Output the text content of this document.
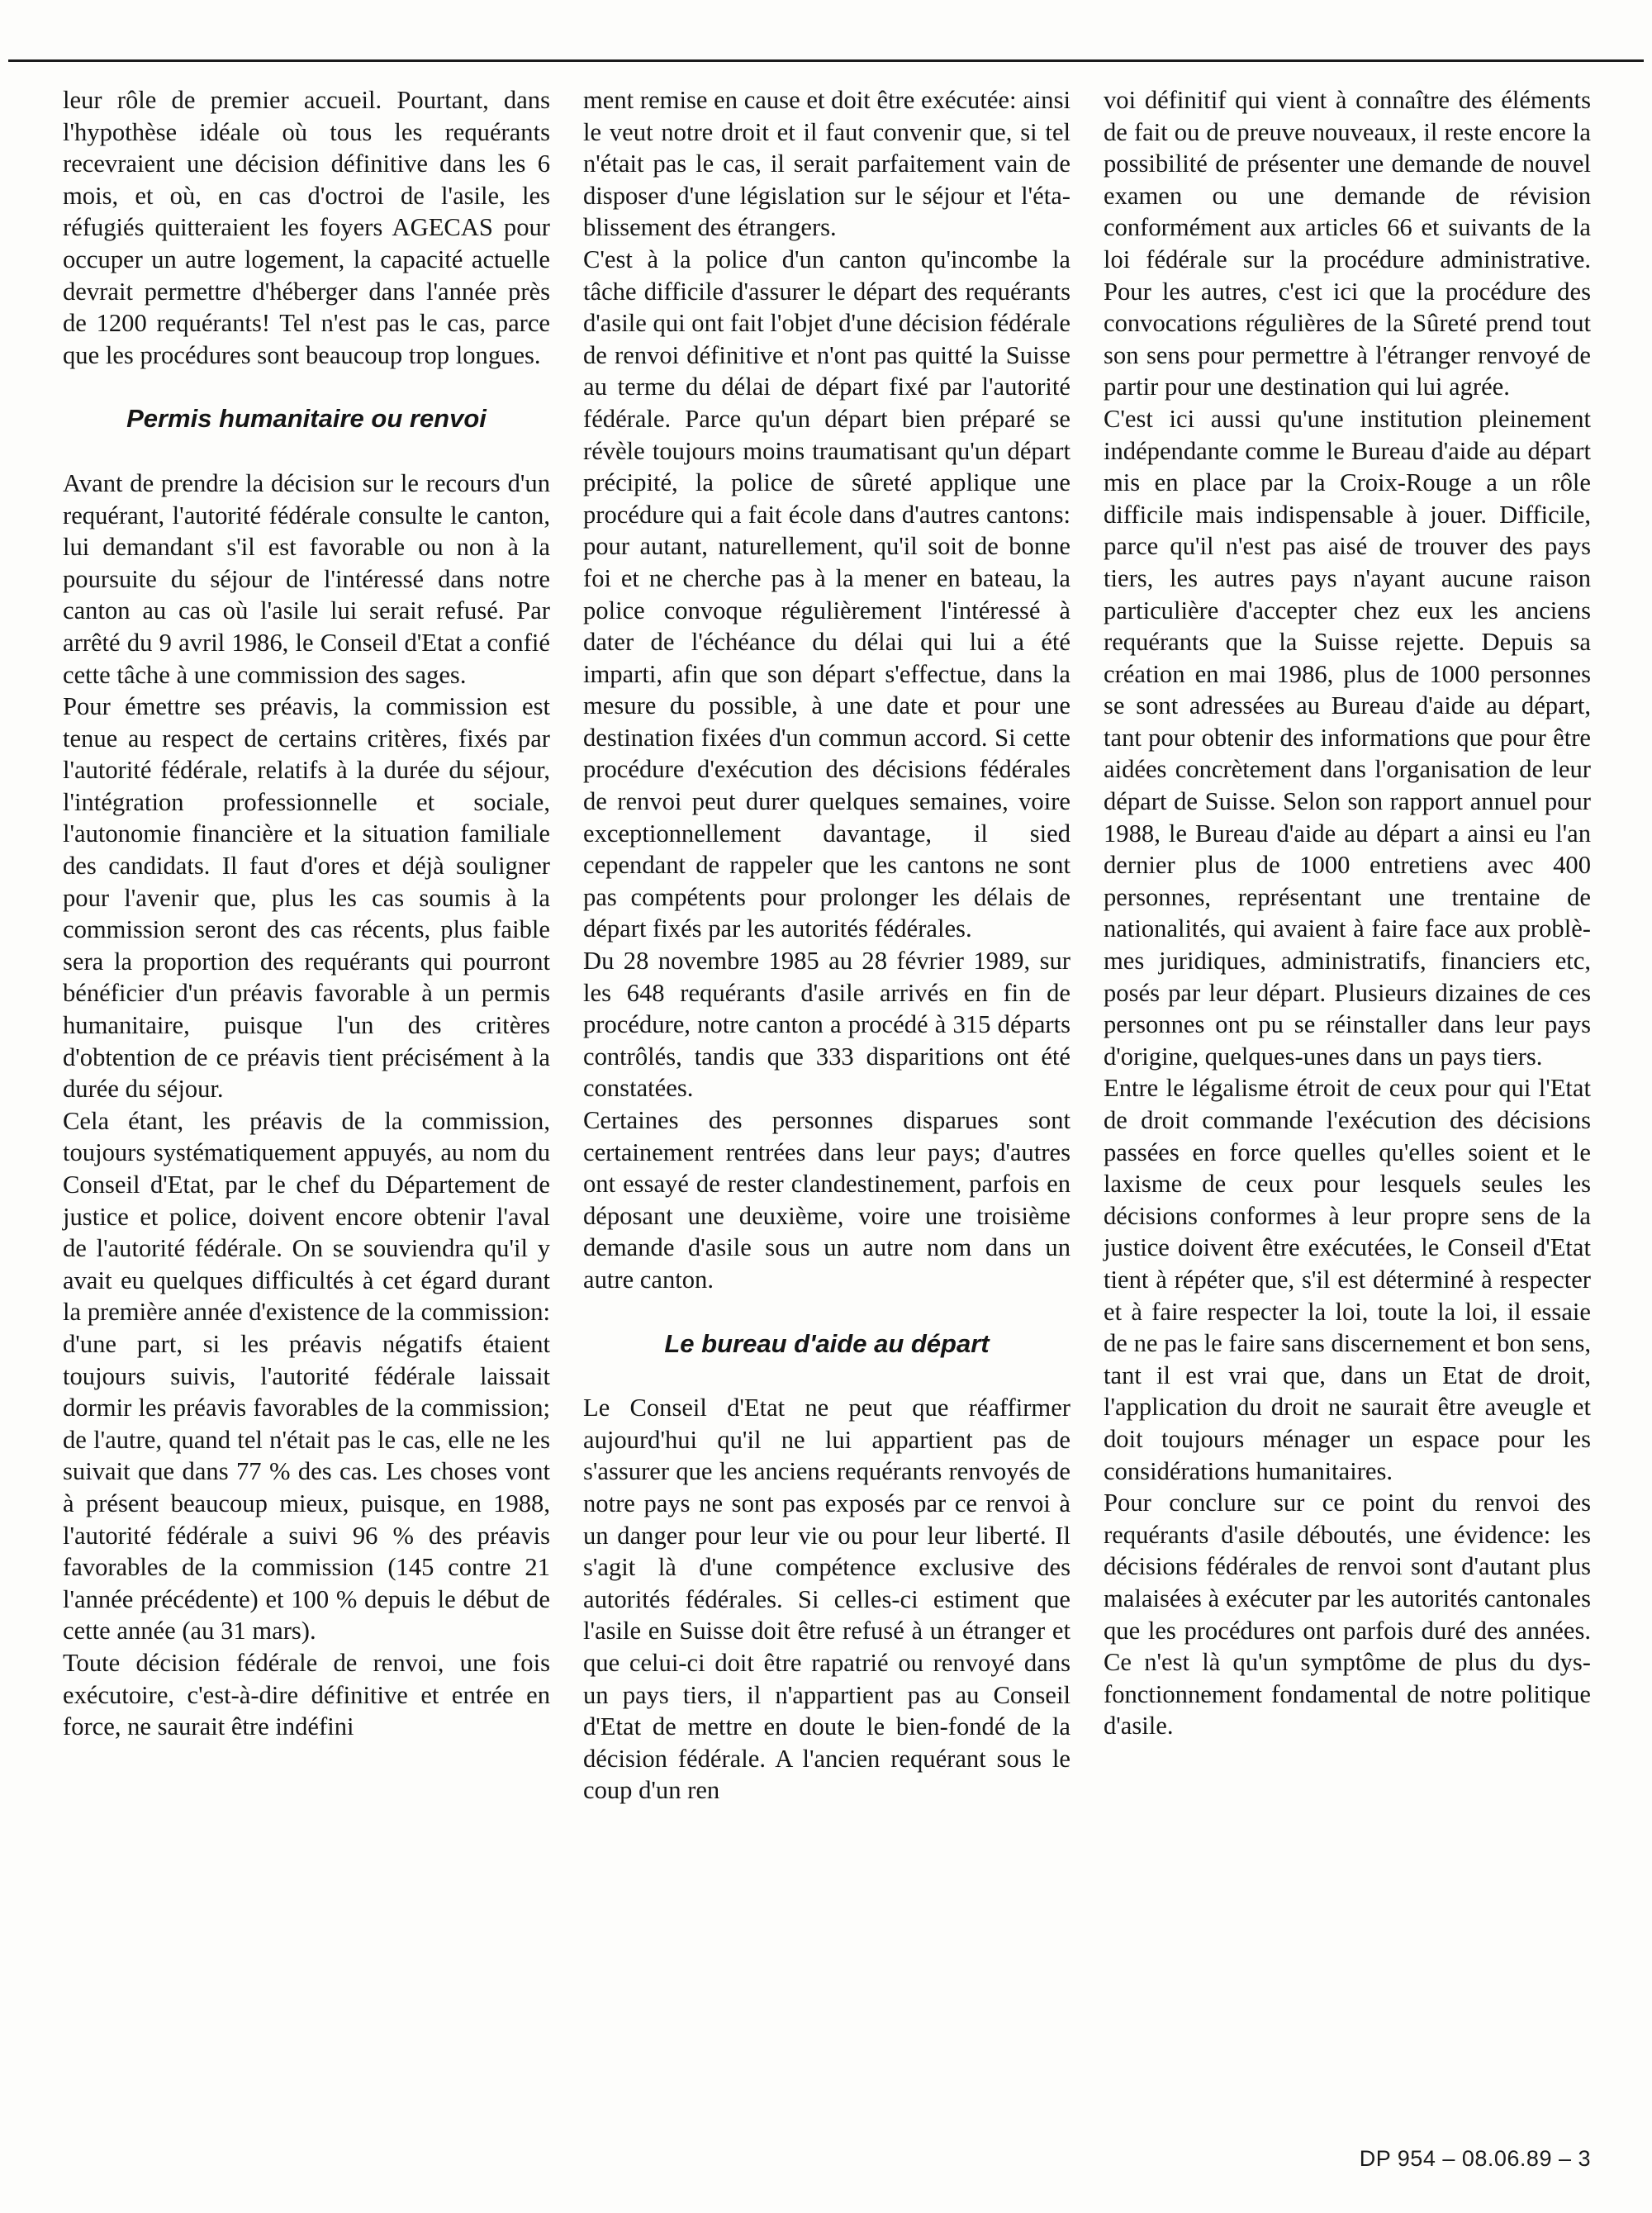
leur rôle de premier accueil. Pourtant, dans l'hypothèse idéale où tous les requérants recevraient une décision définitive dans les 6 mois, et où, en cas d'octroi de l'asile, les réfugiés quitteraient les foyers AGECAS pour occuper un autre logement, la capacité actuelle devrait permettre d'héberger dans l'année près de 1200 requérants! Tel n'est pas le cas, parce que les procédures sont beaucoup trop longues.

Permis humanitaire ou renvoi

Avant de prendre la décision sur le recours d'un requérant, l'autorité fédérale consulte le canton, lui demandant s'il est favorable ou non à la poursuite du séjour de l'intéressé dans notre canton au cas où l'asile lui serait refusé. Par arrêté du 9 avril 1986, le Conseil d'Etat a confié cette tâche à une commission des sages.

Pour émettre ses préavis, la commission est tenue au respect de certains critères, fixés par l'autorité fédérale, relatifs à la durée du séjour, l'intégration professionnelle et sociale, l'autonomie financière et la situation familiale des candidats. Il faut d'ores et déjà souligner pour l'avenir que, plus les cas soumis à la commission seront des cas récents, plus faible sera la proportion des requérants qui pourront bénéficier d'un préavis favorable à un permis humanitaire, puisque l'un des critères d'obtention de ce préavis tient précisément à la durée du séjour.

Cela étant, les préavis de la commission, toujours systématiquement appuyés, au nom du Conseil d'Etat, par le chef du Département de justice et police, doivent encore obtenir l'aval de l'autorité fédérale. On se souviendra qu'il y avait eu quelques difficultés à cet égard durant la première année d'existence de la commission: d'une part, si les préavis négatifs étaient toujours suivis, l'autorité fédérale laissait dormir les préavis favorables de la commission; de l'autre, quand tel n'était pas le cas, elle ne les suivait que dans 77 % des cas. Les choses vont à présent beaucoup mieux, puisque, en 1988, l'autorité fédérale a suivi 96 % des préavis favorables de la commission (145 contre 21 l'année précédente) et 100 % depuis le début de cette année (au 31 mars).

Toute décision fédérale de renvoi, une fois exécutoire, c'est-à-dire définitive et entrée en force, ne saurait être indéfini

ment remise en cause et doit être exécutée: ainsi le veut notre droit et il faut convenir que, si tel n'était pas le cas, il serait parfaitement vain de disposer d'une législation sur le séjour et l'établissement des étrangers.

C'est à la police d'un canton qu'incombe la tâche difficile d'assurer le départ des requérants d'asile qui ont fait l'objet d'une décision fédérale de renvoi définitive et n'ont pas quitté la Suisse au terme du délai de départ fixé par l'autorité fédérale. Parce qu'un départ bien préparé se révèle toujours moins traumatisant qu'un départ précipité, la police de sûreté applique une procédure qui a fait école dans d'autres cantons: pour autant, naturellement, qu'il soit de bonne foi et ne cherche pas à la mener en bateau, la police convoque régulièrement l'intéressé à dater de l'échéance du délai qui lui a été imparti, afin que son départ s'effectue, dans la mesure du possible, à une date et pour une destination fixées d'un commun accord. Si cette procédure d'exécution des décisions fédérales de renvoi peut durer quelques semaines, voire exceptionnellement davantage, il sied cependant de rappeler que les cantons ne sont pas compétents pour prolonger les délais de départ fixés par les autorités fédérales.

Du 28 novembre 1985 au 28 février 1989, sur les 648 requérants d'asile arrivés en fin de procédure, notre canton a procédé à 315 départs contrôlés, tandis que 333 disparitions ont été constatées.

Certaines des personnes disparues sont certainement rentrées dans leur pays; d'autres ont essayé de rester clandestinement, parfois en déposant une deuxième, voire une troisième demande d'asile sous un autre nom dans un autre canton.

Le bureau d'aide au départ

Le Conseil d'Etat ne peut que réaffirmer aujourd'hui qu'il ne lui appartient pas de s'assurer que les anciens requérants renvoyés de notre pays ne sont pas exposés par ce renvoi à un danger pour leur vie ou pour leur liberté. Il s'agit là d'une compétence exclusive des autorités fédérales. Si celles-ci estiment que l'asile en Suisse doit être refusé à un étranger et que celui-ci doit être rapatrié ou renvoyé dans un pays tiers, il n'appartient pas au Conseil d'Etat de mettre en doute le bien-fondé de la décision fédérale. A l'ancien requérant sous le coup d'un ren

voi définitif qui vient à connaître des éléments de fait ou de preuve nouveaux, il reste encore la possibilité de présenter une demande de nouvel examen ou une demande de révision conformément aux articles 66 et suivants de la loi fédérale sur la procédure administrative. Pour les autres, c'est ici que la procédure des convocations régulières de la Sûreté prend tout son sens pour permettre à l'étranger renvoyé de partir pour une destination qui lui agrée.

C'est ici aussi qu'une institution pleinement indépendante comme le Bureau d'aide au départ mis en place par la Croix-Rouge a un rôle difficile mais indispensable à jouer. Difficile, parce qu'il n'est pas aisé de trouver des pays tiers, les autres pays n'ayant aucune raison particulière d'accepter chez eux les anciens requérants que la Suisse rejette. Depuis sa création en mai 1986, plus de 1000 personnes se sont adressées au Bureau d'aide au départ, tant pour obtenir des informations que pour être aidées concrètement dans l'organisation de leur départ de Suisse. Selon son rapport annuel pour 1988, le Bureau d'aide au départ a ainsi eu l'an dernier plus de 1000 entretiens avec 400 personnes, représentant une trentaine de nationalités, qui avaient à faire face aux problèmes juridiques, administratifs, financiers etc, posés par leur départ. Plusieurs dizaines de ces personnes ont pu se réinstaller dans leur pays d'origine, quelques-unes dans un pays tiers.

Entre le légalisme étroit de ceux pour qui l'Etat de droit commande l'exécution des décisions passées en force quelles qu'elles soient et le laxisme de ceux pour lesquels seules les décisions conformes à leur propre sens de la justice doivent être exécutées, le Conseil d'Etat tient à répéter que, s'il est déterminé à respecter et à faire respecter la loi, toute la loi, il essaie de ne pas le faire sans discernement et bon sens, tant il est vrai que, dans un Etat de droit, l'application du droit ne saurait être aveugle et doit toujours ménager un espace pour les considérations humanitaires.

Pour conclure sur ce point du renvoi des requérants d'asile déboutés, une évidence: les décisions fédérales de renvoi sont d'autant plus malaisées à exécuter par les autorités cantonales que les procédures ont parfois duré des années. Ce n'est là qu'un symptôme de plus du dysfonctionnement fondamental de notre politique d'asile.

DP 954 – 08.06.89 – 3
